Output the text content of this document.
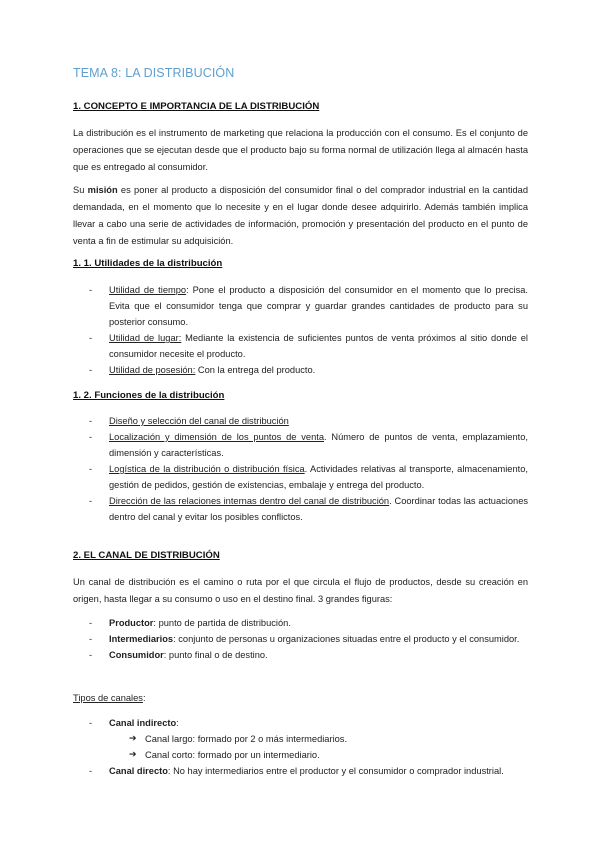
TEMA 8: LA DISTRIBUCIÓN
1. CONCEPTO E IMPORTANCIA DE LA DISTRIBUCIÓN

La distribución es el instrumento de marketing que relaciona la producción con el consumo. Es el conjunto de operaciones que se ejecutan desde que el producto bajo su forma normal de utilización llega al almacén hasta que es entregado al consumidor.

Su misión es poner al producto a disposición del consumidor final o del comprador industrial en la cantidad demandada, en el momento que lo necesite y en el lugar donde desee adquirirlo. Además también implica llevar a cabo una serie de actividades de información, promoción y presentación del producto en el punto de venta a fin de estimular su adquisición.

1. 1. Utilidades de la distribución
- Utilidad de tiempo: Pone el producto a disposición del consumidor en el momento que lo precisa. Evita que el consumidor tenga que comprar y guardar grandes cantidades de producto para su posterior consumo.
- Utilidad de lugar: Mediante la existencia de suficientes puntos de venta próximos al sitio donde el consumidor necesite el producto.
- Utilidad de posesión: Con la entrega del producto.
1. 2. Funciones de la distribución
- Diseño y selección del canal de distribución
- Localización y dimensión de los puntos de venta. Número de puntos de venta, emplazamiento, dimensión y características.
- Logística de la distribución o distribución física. Actividades relativas al transporte, almacenamiento, gestión de pedidos, gestión de existencias, embalaje y entrega del producto.
- Dirección de las relaciones internas dentro del canal de distribución. Coordinar todas las actuaciones dentro del canal y evitar los posibles conflictos.
2. EL CANAL DE DISTRIBUCIÓN

Un canal de distribución es el camino o ruta por el que circula el flujo de productos, desde su creación en origen, hasta llegar a su consumo o uso en el destino final. 3 grandes figuras:

- Productor: punto de partida de distribución.
- Intermediarios: conjunto de personas u organizaciones situadas entre el producto y el consumidor.
- Consumidor: punto final o de destino.

Tipos de canales:

- Canal indirecto:
➔ Canal largo: formado por 2 o más intermediarios.
➔ Canal corto: formado por un intermediario.
- Canal directo: No hay intermediarios entre el productor y el consumidor o comprador industrial.
